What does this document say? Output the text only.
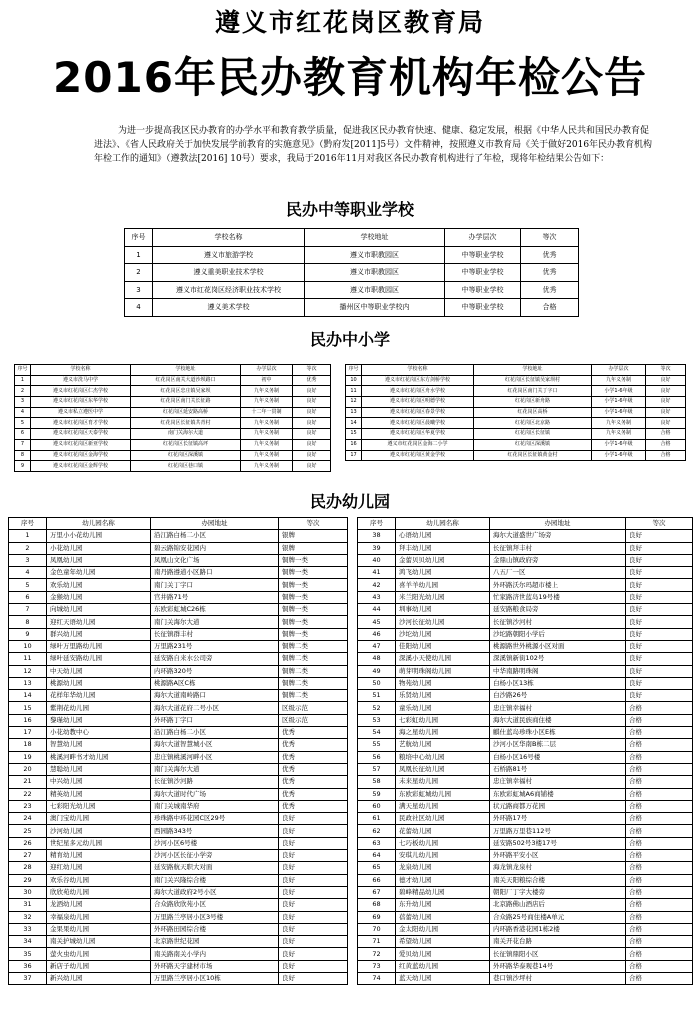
遵义市红花岗区教育局
2016年民办教育机构年检公告
为进一步提高我区民办教育的办学水平和教育教学质量，促进我区民办教育快速、健康、稳定发展，根据《中华人民共和国民办教育促进法》、《省人民政府关于加快发展学前教育的实施意见》（黔府发[2011]5号）文件精神，按照遵义市教育局《关于做好2016年民办教育机构年检工作的通知》（遵教法[2016] 10号）要求，我局于2016年11月对我区各民办教育机构进行了年检，现将年检结果公告如下：
民办中等职业学校
序号	学校名称	学校地址	办学层次	等次
1	遵义市旅游学校	遵义市职教园区	中等职业学校	优秀
2	遵义重美职业技术学校	遵义市职教园区	中等职业学校	优秀
3	遵义市红花岗区经济职业技术学校	遵义市职教园区	中等职业学校	优秀
4	遵义美术学校	播州区中等职业学校内	中等职业学校	合格
民办中小学
序号	学校名称	学校地址	办学层次	等次
1	遵义市洗马中学	红花岗区南关大道沙坝路口	初中	优秀
2	遵义市红花岗区仁杰学校	红花岗区忠庄镇吴家坝	九年义务制	良好
3	遵义市红花岗区东华学校	红花岗区南门关长征路	九年义务制	良好
4	遵义市私立遵医中学	红花岗区延安路高桥	十二年一贯制	良好
5	遵义市红花岗区育才学校	红花岗区长征镇共青村	九年义务制	良好
6	遵义市红花岗区天泰学校	南门关海尔大道	九年义务制	良好
7	遵义市红花岗区新亚学校	红花岗区长征镇高坪	九年义务制	良好
8	遵义市红花岗区金海学校	红花岗区深溪镇	九年义务制	良好
9	遵义市红花岗区金辉学校	红花岗区巷口镇	九年义务制	良好
序号	学校名称	学校地址	办学层次	等次
10	遵义市红花岗区东方剑桥学校	红花岗区长征镇吴家坝村	九年义务制	良好
11	遵义市红花岗区舟水学校	红花岗区南门关丁字口	小学1-6年级	良好
12	遵义市红花岗区明德学校	红花岗区新舟路	小学1-6年级	良好
13	遵义市红花岗区春景学校	红花岗区高桥	小学1-6年级	良好
14	遵义市红花岗区晨曦学校	红花岗区北京路	九年义务制	良好
15	遵义市红花岗区华夏学校	红花岗区长征镇	九年义务制	合格
16	遵义市红花岗区金海二小学	红花岗区深溪镇	小学1-6年级	合格
17	遵义市红花岗区黄金学校	红花岗区长征镇黄金村	小学1-6年级	合格
民办幼儿园
序号	幼儿园名称	办园地址	等次
1	万里小小花幼儿园	沿江路白杨二小区	银牌
2	小花幼儿园	碧云路锦安花园内	银牌
3	凤凰幼儿园	凤凰山文化广场	铜牌一类
4	金色童年幼儿园	南丹路遵道小区路口	铜牌一类
5	欢乐幼儿园	南门关丁字口	铜牌一类
6	金猴幼儿园	官井路71号	铜牌一类
7	向城幼儿园	东欧彩虹城C26栋	铜牌一类
8	迎红天语幼儿园	南门关海尔大道	铜牌一类
9	群兴幼儿园	长征镇群丰村	铜牌一类
10	绿叶万里路幼儿园	万里路231号	铜牌二类
11	绿叶延安路幼儿园	延安路自来水公司旁	铜牌二类
12	中天幼儿园	内环路320号	铜牌二类
13	桃源幼儿园	桃源路A区C栋	铜牌二类
14	花样年华幼儿园	海尔大道南岭路口	铜牌二类
15	紫荆花幼儿园	海尔大道花府二号小区	区级示范
16	黎瑾幼儿园	外环路丁字口	区级示范
17	小花幼教中心	沿江路白杨二小区	优秀
18	智慧幼儿园	海尔大道智慧城小区	优秀
19	桃溪河畔书才幼儿园	忠庄镇桃溪河畔小区	优秀
20	慧聪幼儿园	南门关海尔大道	优秀
21	中兴幼儿园	长征镇沙河路	优秀
22	精英幼儿园	海尔大道时代广场	优秀
23	七彩阳光幼儿园	南门关城南华府	优秀
24	澳门宝幼儿园	珍珠路中环花园C区29号	良好
25	沙河幼儿园	西园路343号	良好
26	世纪星多元幼儿园	沙河小区6号楼	良好
27	精育幼儿园	沙河小区长征小学旁	良好
28	迎红幼儿园	延安路航天职大对面	良好
29	欢乐谷幼儿园	南门关兴隆综合楼	良好
30	欣欣苑幼儿园	海尔大道政府2号小区	良好
31	龙洒幼儿园	合众路欣欣苑小区	良好
32	幸福泉幼儿园	万里路兰亭居小区3号楼	良好
33	金果果幼儿园	外环路田园综合楼	良好
34	南关护城幼儿园	北京路世纪花园	良好
35	萤火虫幼儿园	南关路南关小学内	良好
36	新店子幼儿园	外环路天宇建材市场	良好
37	新兴幼儿园	万里路兰亭居小区10栋	良好
序号	幼儿园名称	办园地址	等次
38	心语幼儿园	海尔大道盛世广场旁	良好
39	拜丰幼儿园	长征镇拜丰村	良好
40	金蕾贝贝幼儿园	金鼎山镇政府旁	良好
41	鸿飞幼儿园	八五厂一区	良好
42	喜羊羊幼儿园	外环路沃尔玛超市楼上	良好
43	米兰阳光幼儿园	忙家路济世蓝岛19号楼	良好
44	圳事幼儿园	延安路粮食局旁	良好
45	沙河长征幼儿园	长征镇沙河村	良好
46	沙坨幼儿园	沙坨路朝阳小学后	良好
47	佳阳幼儿园	桃源路世外桃源小区对面	良好
48	深溪小天使幼儿园	深溪镇新街102号	良好
49	萌芽明珠阁幼儿园	中华南路明珠阁	良好
50	物苑幼儿园	白杨小区13栋	良好
51	乐贤幼儿园	白沙路26号	良好
52	童乐幼儿园	忠庄镇幸福村	合格
53	七彩虹幼儿园	海尔大道民族商住楼	合格
54	海之星幼儿园	麒仕蓝岛珍珠小区E栋	合格
55	艺航幼儿园	沙河小区华南B栋二层	合格
56	粮培中心幼儿园	白杨小区16号楼	合格
57	凤凰长征幼儿园	石桥路81号	合格
58	未来星幼儿园	忠庄镇幸福村	合格
59	东欧彩虹城幼儿园	东欧彩虹城A6商铺楼	合格
60	满天星幼儿园	状元路商都万花园	合格
61	民政社区幼儿园	外环路17号	合格
62	花蕾幼儿园	万里路万里巷112号	合格
63	七巧板幼儿园	延安路502号3楼17号	合格
64	安琪儿幼儿园	外环路平安小区	合格
65	龙泉幼儿园	海龙镇龙泉村	合格
66	德才幼儿园	南关天阳粮综合楼	合格
67	碧峰精品幼儿园	朝阳厂丁字大楼旁	合格
68	东升幼儿园	北京路佛山酒店后	合格
69	蓓蕾幼儿园	合众路25号商住楼A单元	合格
70	金太阳幼儿园	内环路香港花园1栋2楼	合格
71	希望幼儿园	南关开花台路	合格
72	爱贝幼儿园	长征镇鼎阳小区	合格
73	红黄蓝幼儿园	外环路华泰观巷14号	合格
74	蓝天幼儿园	巷口镇沙坪村	合格
